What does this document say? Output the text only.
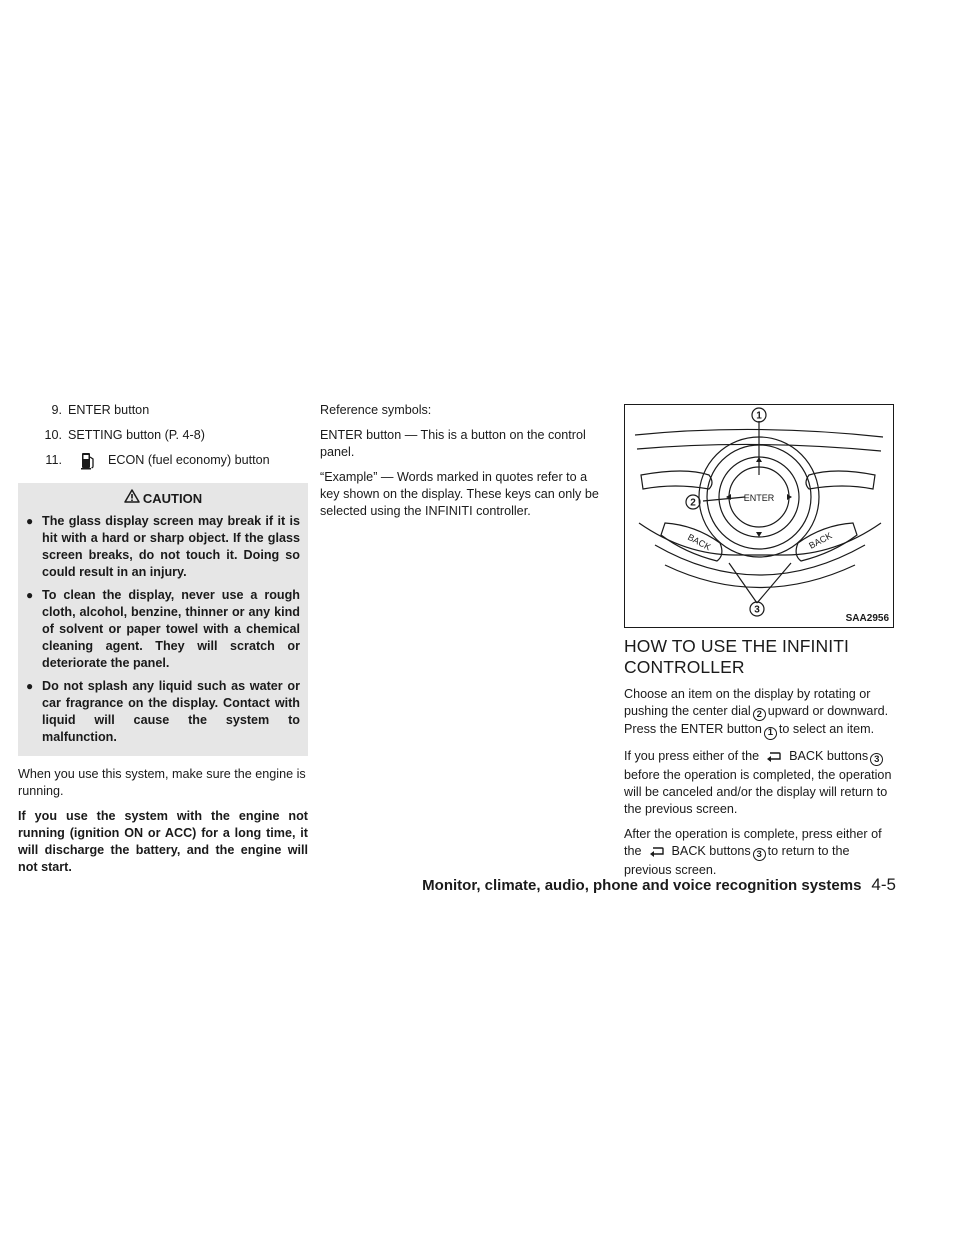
9. ENTER button
10. SETTING button (P. 4-8)
11.	ECON (fuel economy) button
CAUTION
● The glass display screen may break if it is hit with a hard or sharp object. If the glass screen breaks, do not touch it. Doing so could result in an injury.
● To clean the display, never use a rough cloth, alcohol, benzine, thinner or any kind of solvent or paper towel with a chemical cleaning agent. They will scratch or deteriorate the panel.
● Do not splash any liquid such as water or car fragrance on the display. Contact with liquid will cause the system to malfunction.

When you use this system, make sure the engine is running.

If you use the system with the engine not running (ignition ON or ACC) for a long time, it will discharge the battery, and the engine will not start.

Reference symbols:

ENTER button — This is a button on the control panel.

“Example” — Words marked in quotes refer to a key shown on the display. These keys can only be selected using the INFINITI controller.

ENTER
BACK	BACK
1
2
3
SAA2956
HOW TO USE THE INFINITI CONTROLLER

Choose an item on the display by rotating or pushing the center dial 2 upward or downward. Press the ENTER button 1 to select an item.

If you press either of the BACK buttons 3before the operation is completed, the operation will be canceled and/or the display will return to the previous screen.

After the operation is complete, press either of the BACK buttons 3 to return to the previous screen.

Monitor, climate, audio, phone and voice recognition systems 4-5
